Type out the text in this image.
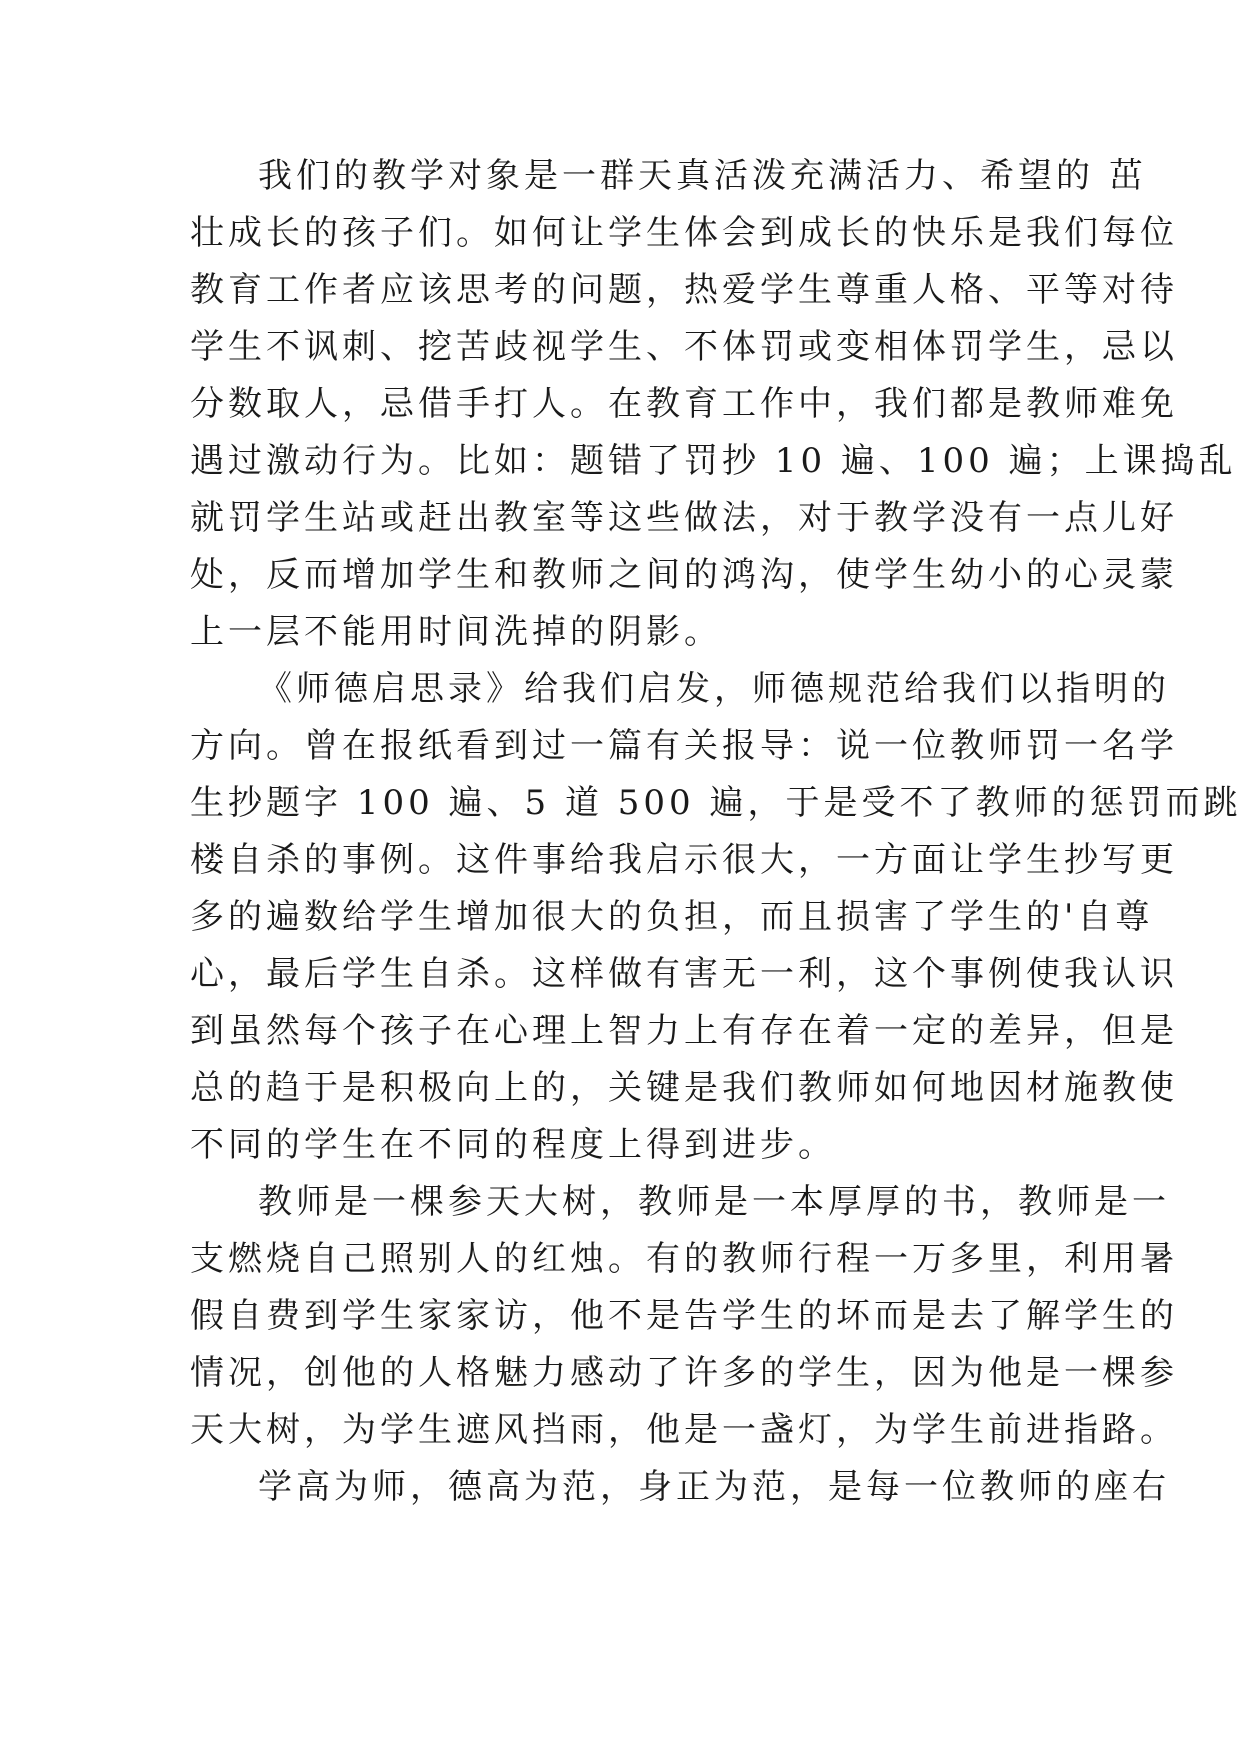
我们的教学对象是一群天真活泼充满活力、希望的 茁
壮成长的孩子们。如何让学生体会到成长的快乐是我们每位
教育工作者应该思考的问题，热爱学生尊重人格、平等对待
学生不讽刺、挖苦歧视学生、不体罚或变相体罚学生，忌以
分数取人，忌借手打人。在教育工作中，我们都是教师难免
遇过激动行为。比如：题错了罚抄 10 遍、100 遍；上课捣乱
就罚学生站或赶出教室等这些做法，对于教学没有一点儿好
处，反而增加学生和教师之间的鸿沟，使学生幼小的心灵蒙
上一层不能用时间洗掉的阴影。
《师德启思录》给我们启发，师德规范给我们以指明的
方向。曾在报纸看到过一篇有关报导：说一位教师罚一名学
生抄题字 100 遍、5 道 500 遍，于是受不了教师的惩罚而跳
楼自杀的事例。这件事给我启示很大，一方面让学生抄写更
多的遍数给学生增加很大的负担，而且损害了学生的'自尊
心，最后学生自杀。这样做有害无一利，这个事例使我认识
到虽然每个孩子在心理上智力上有存在着一定的差异，但是
总的趋于是积极向上的，关键是我们教师如何地因材施教使
不同的学生在不同的程度上得到进步。
教师是一棵参天大树，教师是一本厚厚的书，教师是一
支燃烧自己照别人的红烛。有的教师行程一万多里，利用暑
假自费到学生家家访，他不是告学生的坏而是去了解学生的
情况，创他的人格魅力感动了许多的学生，因为他是一棵参
天大树，为学生遮风挡雨，他是一盏灯，为学生前进指路。
学高为师，德高为范，身正为范，是每一位教师的座右
